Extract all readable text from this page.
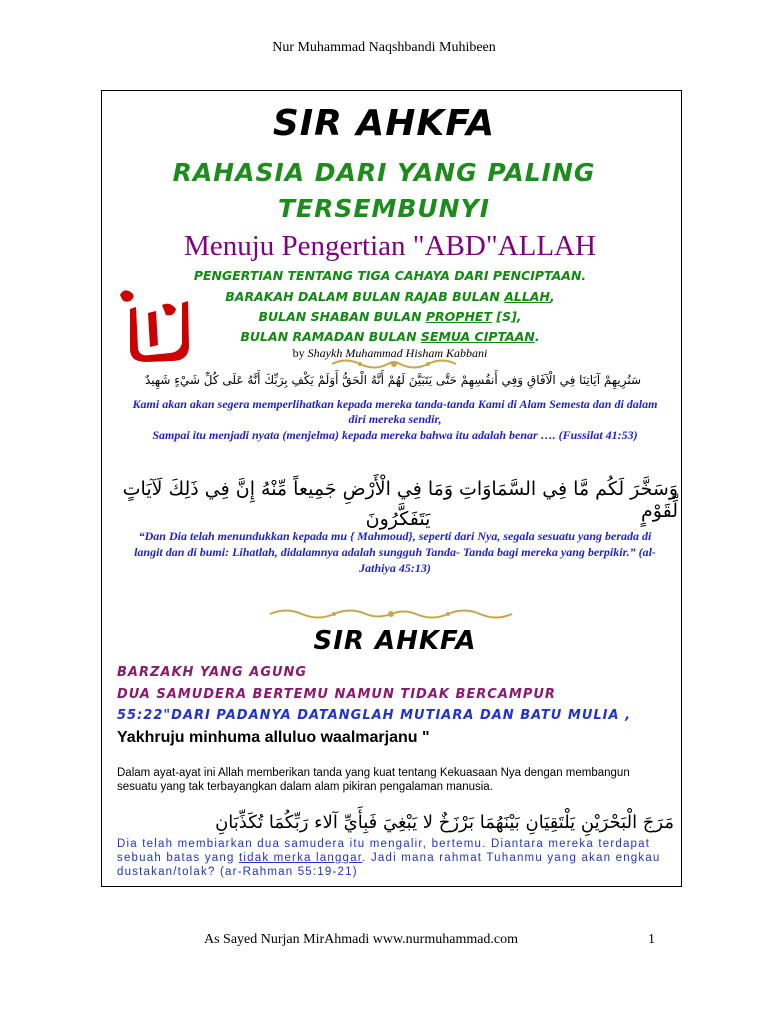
Nur Muhammad Naqshbandi Muhibeen
SIR AHKFA
RAHASIA DARI YANG PALING
TERSEMBUNYI
Menuju Pengertian "ABD"ALLAH
PENGERTIAN TENTANG TIGA CAHAYA DARI PENCIPTAAN.
BARAKAH DALAM BULAN RAJAB BULAN ALLAH,
BULAN SHABAN BULAN PROPHET [S],
BULAN RAMADAN BULAN SEMUA CIPTAAN.
by Shaykh Muhammad Hisham Kabbani
سَنُرِيهِمْ آيَاتِنَا فِي الْآفَاقِ وَفِي أَنفُسِهِمْ حَتَّى يَتَبَيَّنَ لَهُمْ أَنَّهُ الْحَقُّ أَوَلَمْ يَكْفِ بِرَبِّكَ أَنَّهُ عَلَى كُلِّ شَيْءٍ شَهِيدٌ
Kami akan akan segera memperlihatkan kepada mereka tanda-tanda Kami di Alam Semesta dan di dalam
diri mereka sendir,
Sampai itu menjadi nyata (menjelma) kepada mereka bahwa itu adalah benar …. (Fussilat 41:53)
وَسَخَّرَ لَكُم مَّا فِي السَّمَاوَاتِ وَمَا فِي الْأَرْضِ جَمِيعاً مِّنْهُ إِنَّ فِي ذَلِكَ لَآيَاتٍ لِّقَوْمٍ
يَتَفَكَّرُونَ
“Dan Dia telah menundukkan kepada mu { Mahmoud}, seperti dari Nya, segala sesuatu yang berada di
langit dan di bumi: Lihatlah, didalamnya adalah sungguh Tanda- Tanda bagi mereka yang berpikir.” (al-
Jathiya 45:13)
SIR AHKFA
BARZAKH YANG AGUNG
DUA SAMUDERA BERTEMU NAMUN TIDAK BERCAMPUR
55:22"DARI PADANYA DATANGLAH MUTIARA DAN BATU MULIA ,
Yakhruju minhuma alluluo waalmarjanu "
Dalam ayat-ayat ini Allah memberikan tanda yang kuat tentang Kekuasaan Nya dengan membangun sesuatu yang tak terbayangkan dalam alam pikiran pengalaman manusia.
مَرَجَ الْبَحْرَيْنِ يَلْتَقِيَانِ بَيْنَهُمَا بَرْزَخٌ لا يَبْغِيَ فَبِأَيِّ آلاء رَبِّكُمَا تُكَذِّبَانِ
Dia telah membiarkan dua samudera itu mengalir, bertemu. Diantara mereka terdapat sebuah batas yang tidak merka langgar. Jadi mana rahmat Tuhanmu yang akan engkau dustakan/tolak? (ar-Rahman 55:19-21)
As Sayed Nurjan MirAhmadi www.nurmuhammad.com	1
